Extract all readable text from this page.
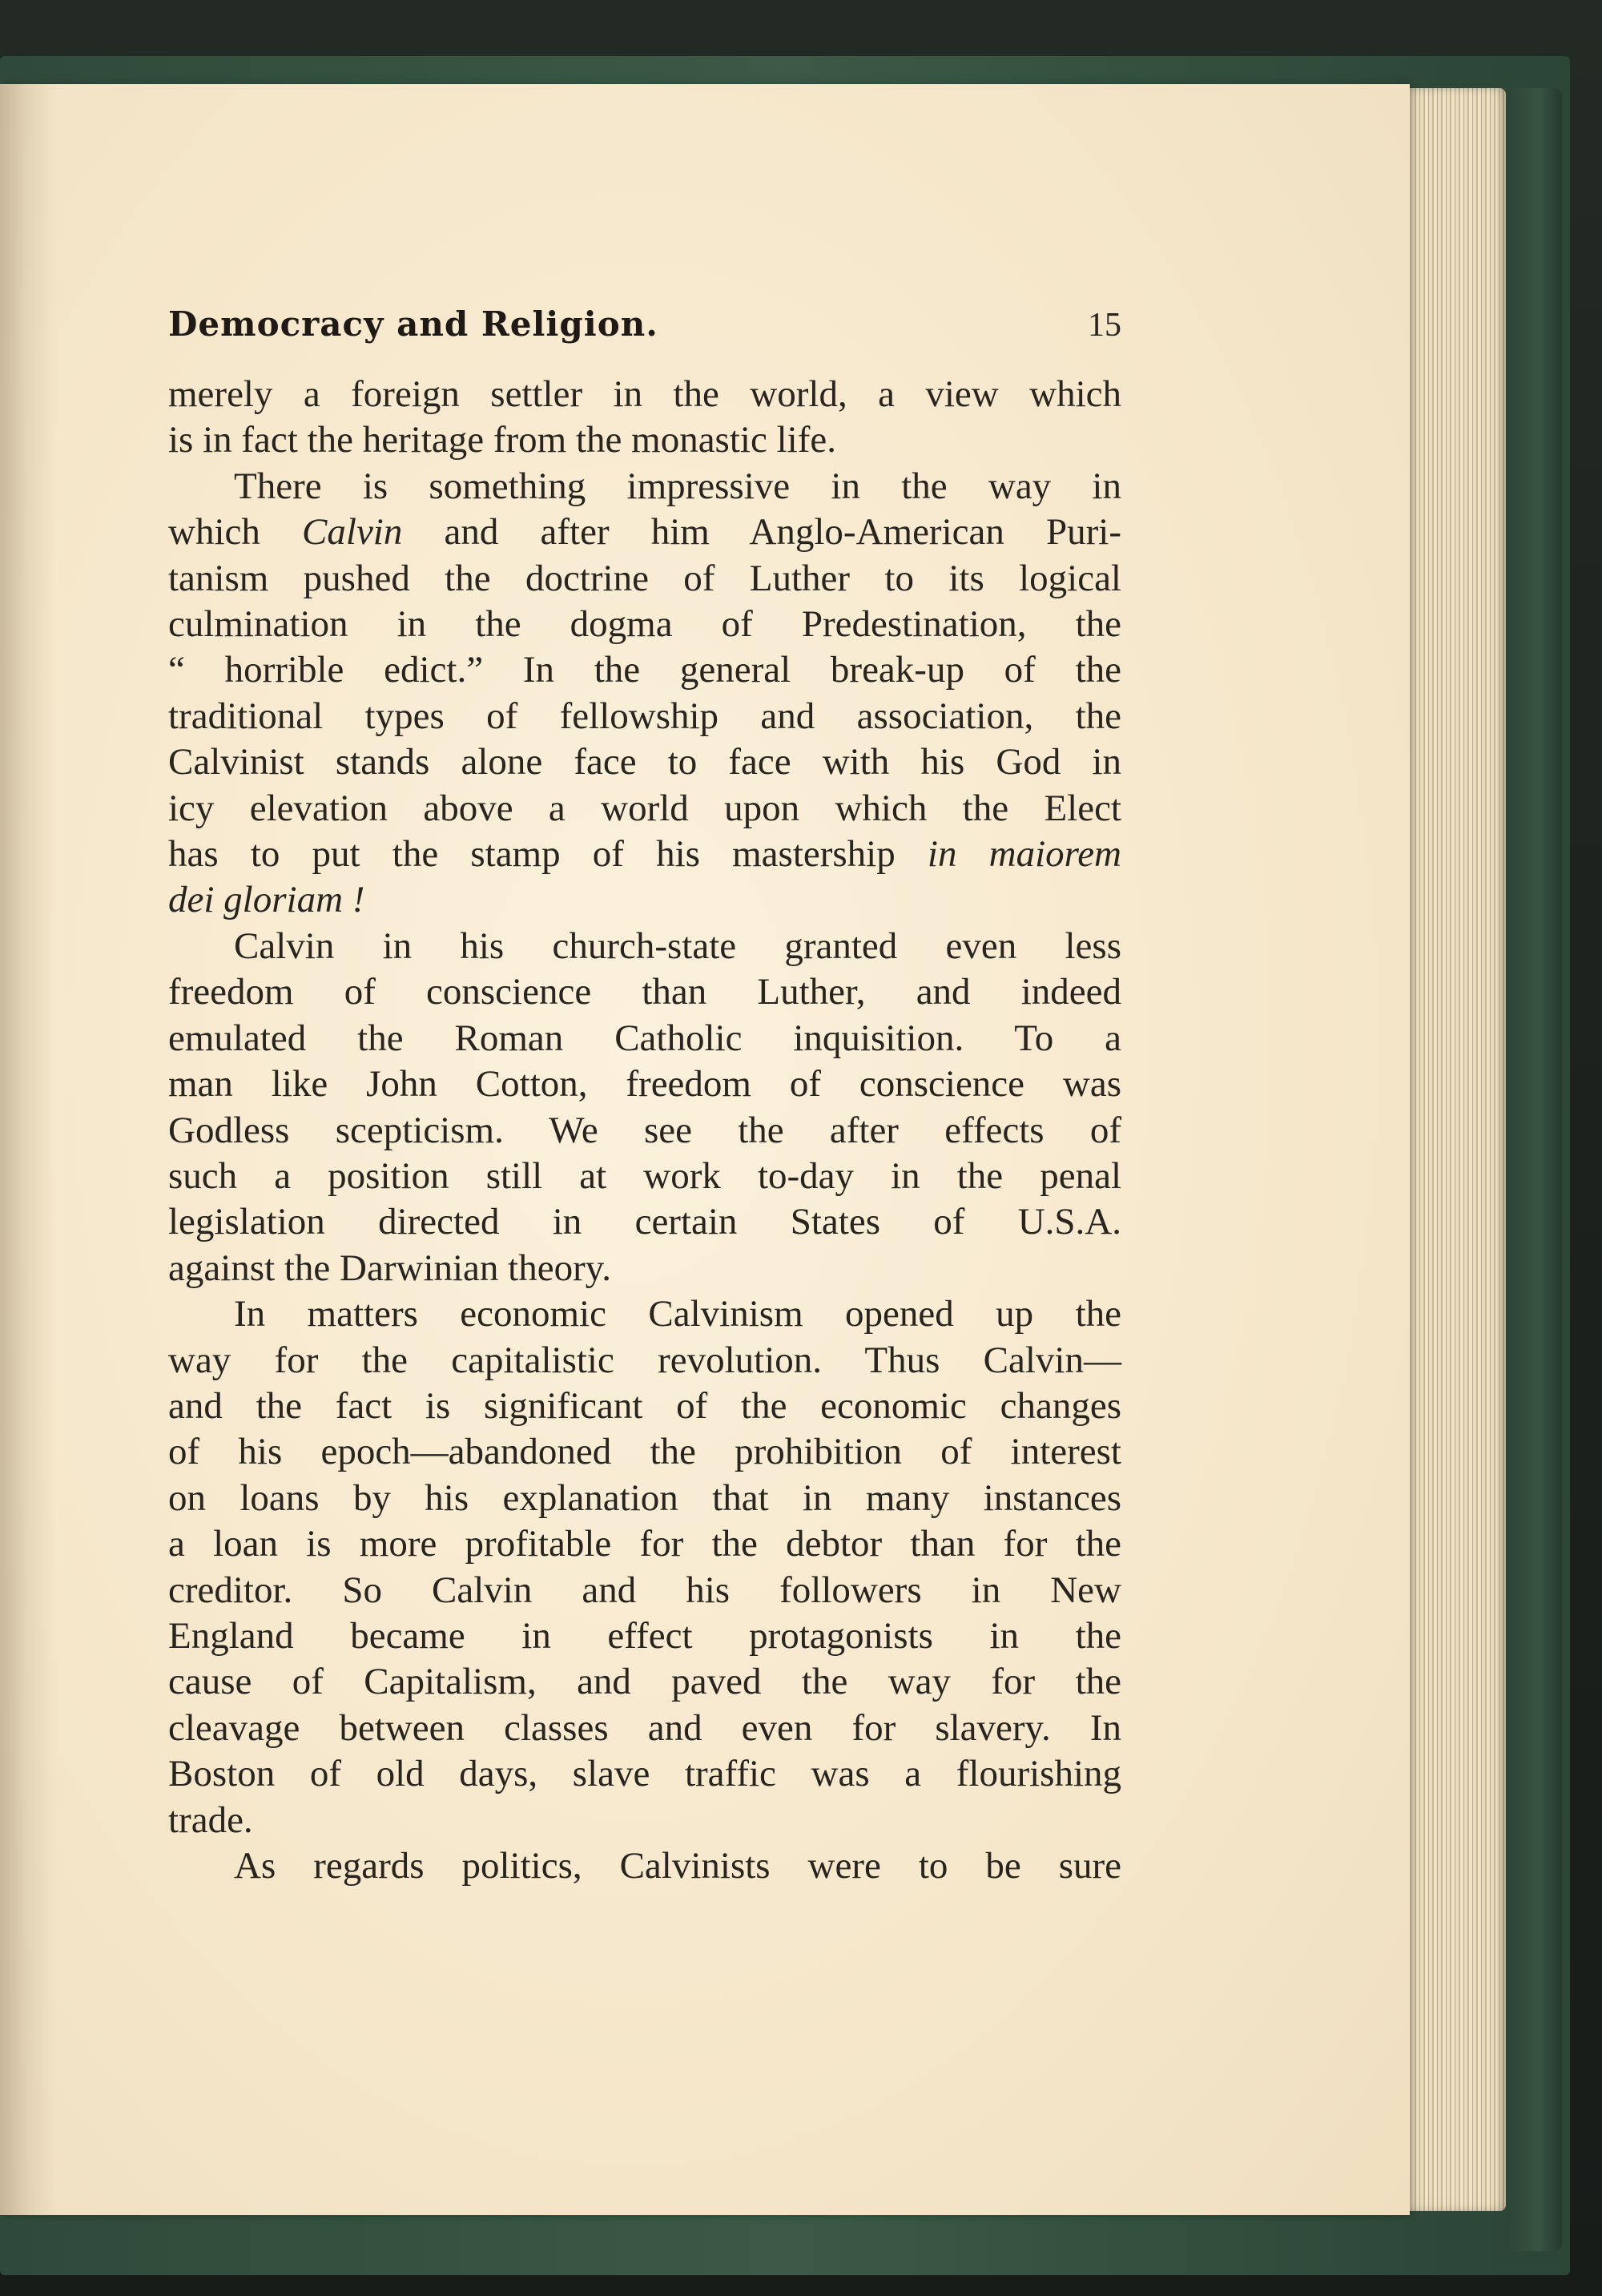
Democracy and Religion.	15
merely a foreign settler in the world, a view which
is in fact the heritage from the monastic life.
There is something impressive in the way in
which Calvin and after him Anglo-American Puri-
tanism pushed the doctrine of Luther to its logical
culmination in the dogma of Predestination, the
“ horrible edict.” In the general break-up of the
traditional types of fellowship and association, the
Calvinist stands alone face to face with his God in
icy elevation above a world upon which the Elect
has to put the stamp of his mastership in maiorem
dei gloriam !
Calvin in his church-state granted even less
freedom of conscience than Luther, and indeed
emulated the Roman Catholic inquisition. To a
man like John Cotton, freedom of conscience was
Godless scepticism. We see the after effects of
such a position still at work to-day in the penal
legislation directed in certain States of U.S.A.
against the Darwinian theory.
In matters economic Calvinism opened up the
way for the capitalistic revolution. Thus Calvin—
and the fact is significant of the economic changes
of his epoch—abandoned the prohibition of interest
on loans by his explanation that in many instances
a loan is more profitable for the debtor than for the
creditor. So Calvin and his followers in New
England became in effect protagonists in the
cause of Capitalism, and paved the way for the
cleavage between classes and even for slavery. In
Boston of old days, slave traffic was a flourishing
trade.
As regards politics, Calvinists were to be sure
